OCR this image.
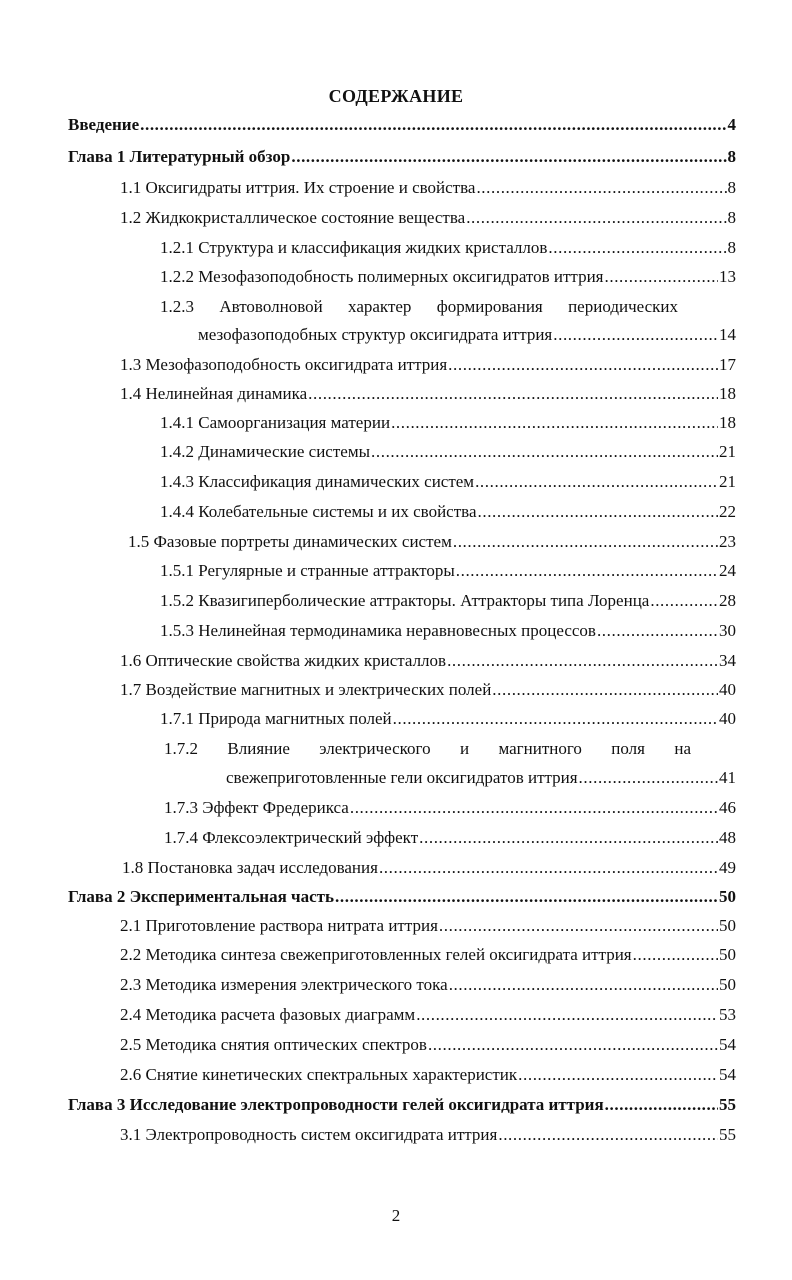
СОДЕРЖАНИЕ
Введение .....	4
Глава 1 Литературный обзор .....	8
1.1 Оксигидраты иттрия. Их строение и свойства .....	8
1.2 Жидкокристаллическое состояние вещества .....	8
1.2.1 Структура и классификация жидких кристаллов .....	8
1.2.2 Мезофазоподобность полимерных оксигидратов иттрия .....	13
1.2.3 Автоволновой характер формирования периодических
мезофазоподобных структур оксигидрата иттрия .....	14
1.3 Мезофазоподобность оксигидрата иттрия .....	17
1.4 Нелинейная динамика .....	18
1.4.1 Самоорганизация материи .....	18
1.4.2 Динамические системы .....	21
1.4.3 Классификация динамических систем .....	21
1.4.4 Колебательные системы и их свойства .....	22
1.5 Фазовые портреты динамических систем .....	23
1.5.1 Регулярные и странные аттракторы .....	24
1.5.2 Квазигиперболические аттракторы. Аттракторы типа Лоренца .....	28
1.5.3 Нелинейная термодинамика неравновесных процессов .....	30
1.6 Оптические свойства жидких кристаллов .....	34
1.7 Воздействие магнитных и электрических полей .....	40
1.7.1 Природа магнитных полей .....	40
1.7.2 Влияние электрического и магнитного поля на
свежеприготовленные гели оксигидратов иттрия .....	41
1.7.3 Эффект Фредерикса .....	46
1.7.4 Флексоэлектрический эффект .....	48
1.8 Постановка задач исследования .....	49
Глава 2 Экспериментальная часть .....	50
2.1 Приготовление раствора нитрата иттрия .....	50
2.2 Методика синтеза свежеприготовленных гелей оксигидрата иттрия .....	50
2.3 Методика измерения электрического тока .....	50
2.4 Методика расчета фазовых диаграмм .....	53
2.5 Методика снятия оптических спектров .....	54
2.6 Снятие кинетических спектральных характеристик .....	54
Глава 3 Исследование электропроводности гелей оксигидрата иттрия .....	55
3.1 Электропроводность систем оксигидрата иттрия .....	55
2
